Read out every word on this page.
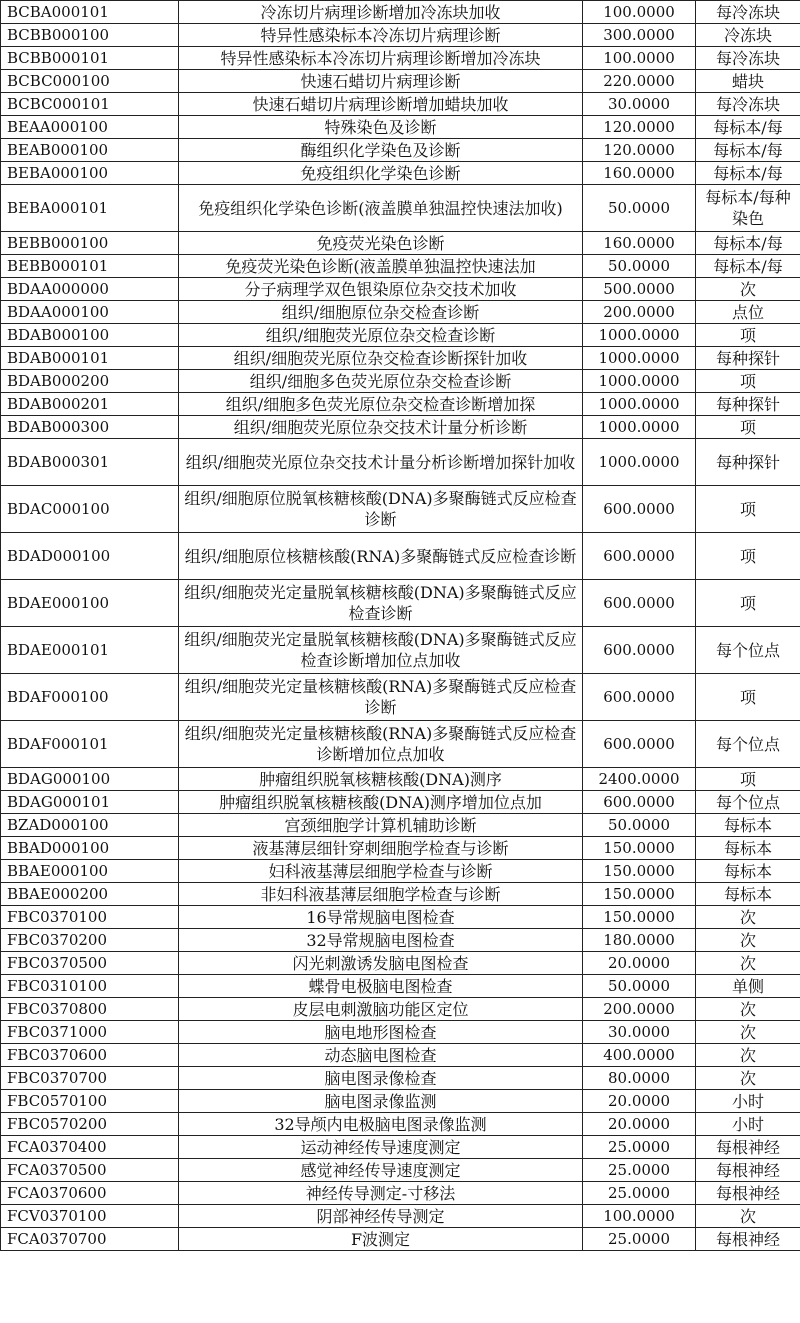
BCBA000101	冷冻切片病理诊断增加冷冻块加收	100.0000	每冷冻块
BCBB000100	特异性感染标本冷冻切片病理诊断	300.0000	冷冻块
BCBB000101	特异性感染标本冷冻切片病理诊断增加冷冻块	100.0000	每冷冻块
BCBC000100	快速石蜡切片病理诊断	220.0000	蜡块
BCBC000101	快速石蜡切片病理诊断增加蜡块加收	30.0000	每冷冻块
BEAA000100	特殊染色及诊断	120.0000	每标本/每
BEAB000100	酶组织化学染色及诊断	120.0000	每标本/每
BEBA000100	免疫组织化学染色诊断	160.0000	每标本/每
BEBA000101	免疫组织化学染色诊断(液盖膜单独温控快速法加收)	50.0000	每标本/每种染色
BEBB000100	免疫荧光染色诊断	160.0000	每标本/每
BEBB000101	免疫荧光染色诊断(液盖膜单独温控快速法加	50.0000	每标本/每
BDAA000000	分子病理学双色银染原位杂交技术加收	500.0000	次
BDAA000100	组织/细胞原位杂交检查诊断	200.0000	点位
BDAB000100	组织/细胞荧光原位杂交检查诊断	1000.0000	项
BDAB000101	组织/细胞荧光原位杂交检查诊断探针加收	1000.0000	每种探针
BDAB000200	组织/细胞多色荧光原位杂交检查诊断	1000.0000	项
BDAB000201	组织/细胞多色荧光原位杂交检查诊断增加探	1000.0000	每种探针
BDAB000300	组织/细胞荧光原位杂交技术计量分析诊断	1000.0000	项
BDAB000301	组织/细胞荧光原位杂交技术计量分析诊断增加探针加收	1000.0000	每种探针
BDAC000100	组织/细胞原位脱氧核糖核酸(DNA)多聚酶链式反应检查诊断	600.0000	项
BDAD000100	组织/细胞原位核糖核酸(RNA)多聚酶链式反应检查诊断	600.0000	项
BDAE000100	组织/细胞荧光定量脱氧核糖核酸(DNA)多聚酶链式反应检查诊断	600.0000	项
BDAE000101	组织/细胞荧光定量脱氧核糖核酸(DNA)多聚酶链式反应检查诊断增加位点加收	600.0000	每个位点
BDAF000100	组织/细胞荧光定量核糖核酸(RNA)多聚酶链式反应检查诊断	600.0000	项
BDAF000101	组织/细胞荧光定量核糖核酸(RNA)多聚酶链式反应检查诊断增加位点加收	600.0000	每个位点
BDAG000100	肿瘤组织脱氧核糖核酸(DNA)测序	2400.0000	项
BDAG000101	肿瘤组织脱氧核糖核酸(DNA)测序增加位点加	600.0000	每个位点
BZAD000100	宫颈细胞学计算机辅助诊断	50.0000	每标本
BBAD000100	液基薄层细针穿刺细胞学检查与诊断	150.0000	每标本
BBAE000100	妇科液基薄层细胞学检查与诊断	150.0000	每标本
BBAE000200	非妇科液基薄层细胞学检查与诊断	150.0000	每标本
FBC0370100	16导常规脑电图检查	150.0000	次
FBC0370200	32导常规脑电图检查	180.0000	次
FBC0370500	闪光刺激诱发脑电图检查	20.0000	次
FBC0310100	蝶骨电极脑电图检查	50.0000	单侧
FBC0370800	皮层电刺激脑功能区定位	200.0000	次
FBC0371000	脑电地形图检查	30.0000	次
FBC0370600	动态脑电图检查	400.0000	次
FBC0370700	脑电图录像检查	80.0000	次
FBC0570100	脑电图录像监测	20.0000	小时
FBC0570200	32导颅内电极脑电图录像监测	20.0000	小时
FCA0370400	运动神经传导速度测定	25.0000	每根神经
FCA0370500	感觉神经传导速度测定	25.0000	每根神经
FCA0370600	神经传导测定-寸移法	25.0000	每根神经
FCV0370100	阴部神经传导测定	100.0000	次
FCA0370700	F波测定	25.0000	每根神经
